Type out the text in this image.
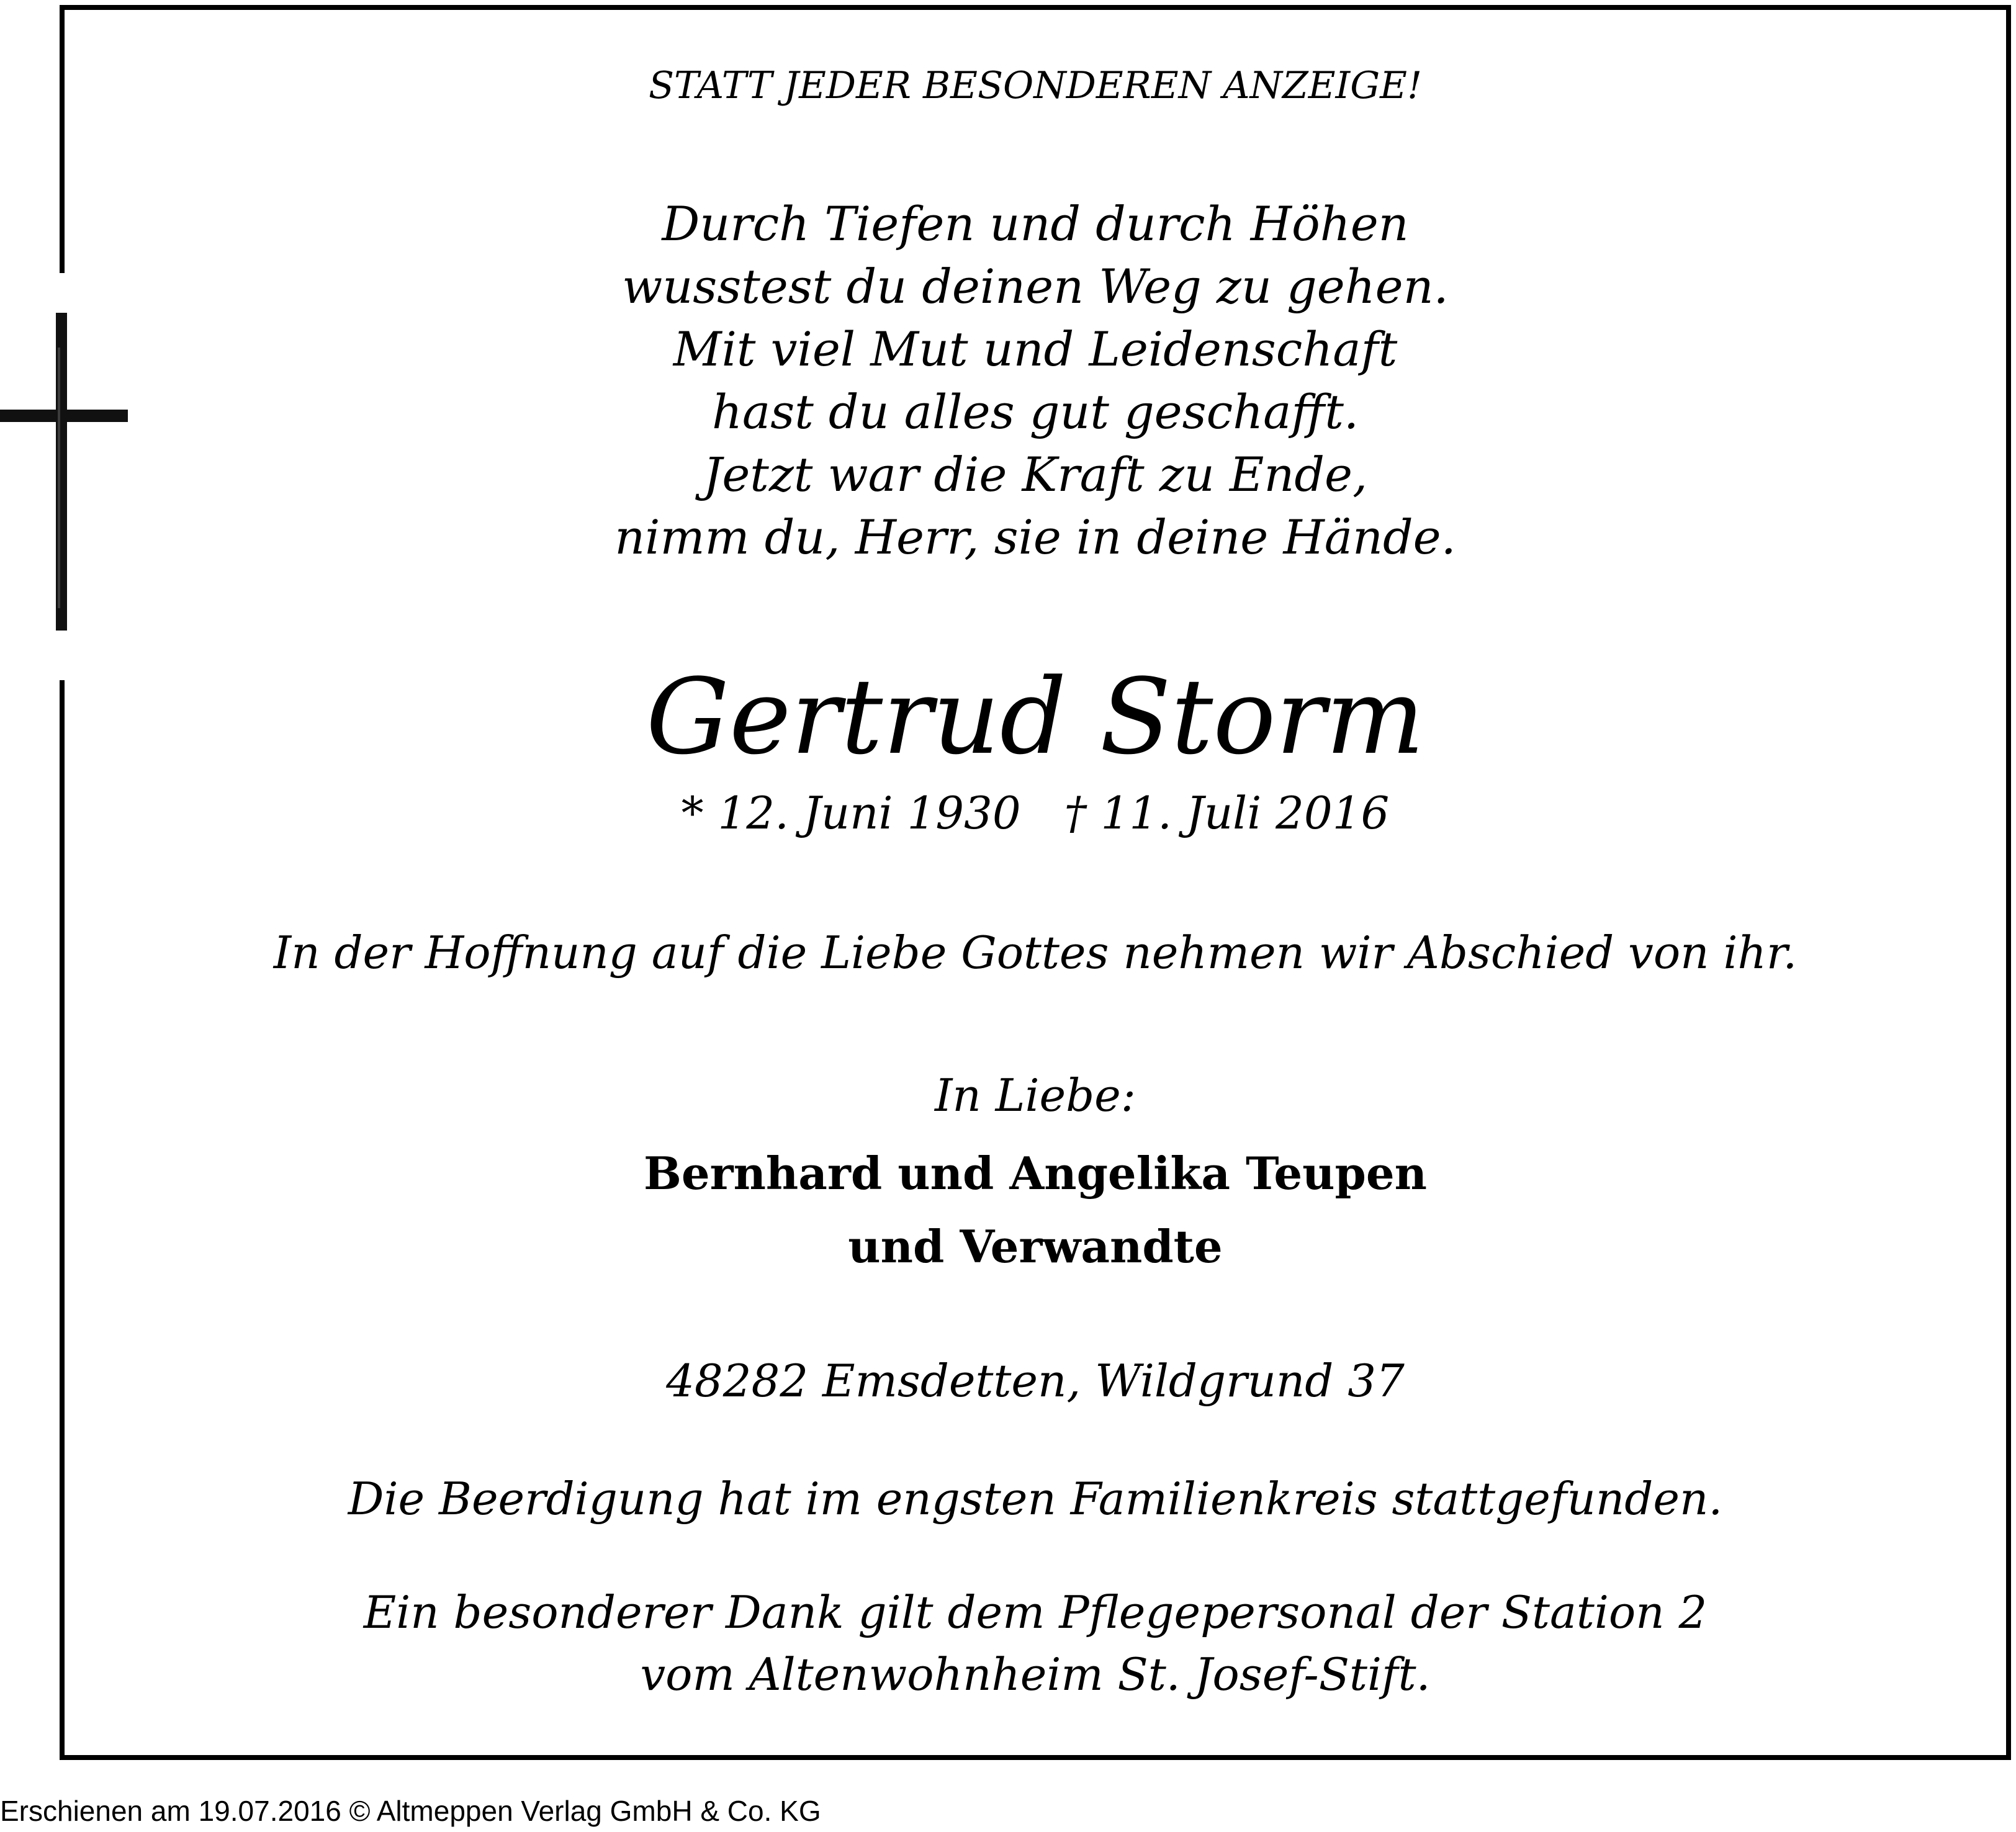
STATT JEDER BESONDEREN ANZEIGE!
Durch Tiefen und durch Höhen
wusstest du deinen Weg zu gehen.
Mit viel Mut und Leidenschaft
hast du alles gut geschafft.
Jetzt war die Kraft zu Ende,
nimm du, Herr, sie in deine Hände.
Gertrud Storm
* 12. Juni 1930 † 11. Juli 2016
In der Hoffnung auf die Liebe Gottes nehmen wir Abschied von ihr.
In Liebe:
Bernhard und Angelika Teupen
und Verwandte
48282 Emsdetten, Wildgrund 37
Die Beerdigung hat im engsten Familienkreis stattgefunden.
Ein besonderer Dank gilt dem Pflegepersonal der Station 2
vom Altenwohnheim St. Josef-Stift.
Erschienen am 19.07.2016 © Altmeppen Verlag GmbH & Co. KG
